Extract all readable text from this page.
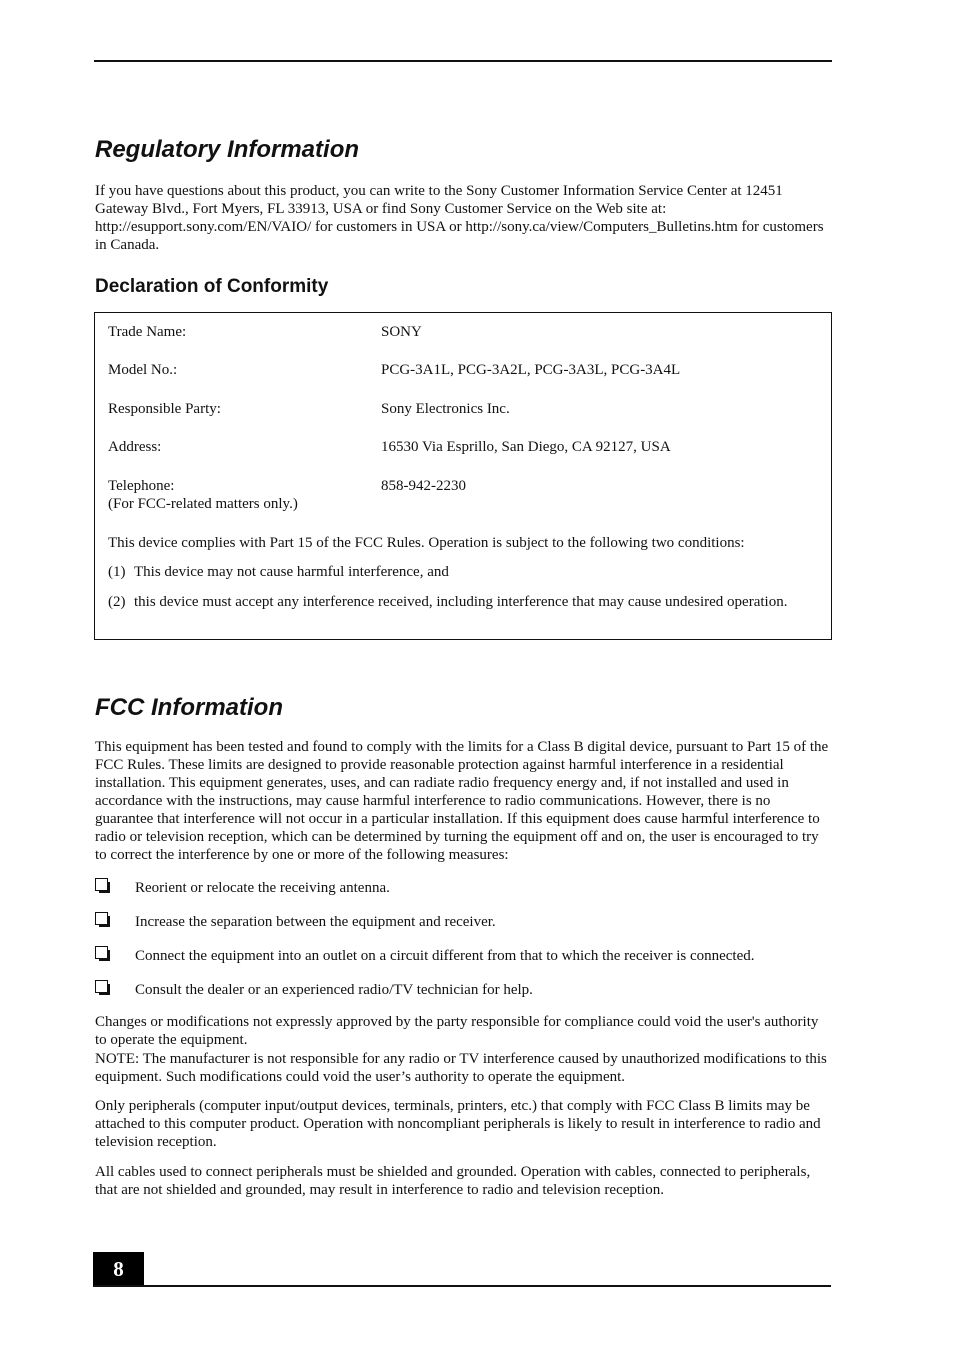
Regulatory Information

If you have questions about this product, you can write to the Sony Customer Information Service Center at 12451 Gateway Blvd., Fort Myers, FL 33913, USA or find Sony Customer Service on the Web site at: http://esupport.sony.com/EN/VAIO/ for customers in USA or http://sony.ca/view/Computers_Bulletins.htm for customers in Canada.

Declaration of Conformity
Trade Name:	SONY
Model No.:	PCG-3A1L, PCG-3A2L, PCG-3A3L, PCG-3A4L
Responsible Party:	Sony Electronics Inc.
Address:	16530 Via Esprillo, San Diego, CA 92127, USA
Telephone:	858-942-2230
(For FCC-related matters only.)
This device complies with Part 15 of the FCC Rules. Operation is subject to the following two conditions:
(1) This device may not cause harmful interference, and
(2) this device must accept any interference received, including interference that may cause undesired operation.
FCC Information

This equipment has been tested and found to comply with the limits for a Class B digital device, pursuant to Part 15 of the FCC Rules. These limits are designed to provide reasonable protection against harmful interference in a residential installation. This equipment generates, uses, and can radiate radio frequency energy and, if not installed and used in accordance with the instructions, may cause harmful interference to radio communications. However, there is no guarantee that interference will not occur in a particular installation. If this equipment does cause harmful interference to radio or television reception, which can be determined by turning the equipment off and on, the user is encouraged to try to correct the interference by one or more of the following measures:

Reorient or relocate the receiving antenna.
Increase the separation between the equipment and receiver.
Connect the equipment into an outlet on a circuit different from that to which the receiver is connected.
Consult the dealer or an experienced radio/TV technician for help.

Changes or modifications not expressly approved by the party responsible for compliance could void the user's authority to operate the equipment.

NOTE: The manufacturer is not responsible for any radio or TV interference caused by unauthorized modifications to this equipment. Such modifications could void the user’s authority to operate the equipment.

Only peripherals (computer input/output devices, terminals, printers, etc.) that comply with FCC Class B limits may be attached to this computer product. Operation with noncompliant peripherals is likely to result in interference to radio and television reception.

All cables used to connect peripherals must be shielded and grounded. Operation with cables, connected to peripherals, that are not shielded and grounded, may result in interference to radio and television reception.

8
